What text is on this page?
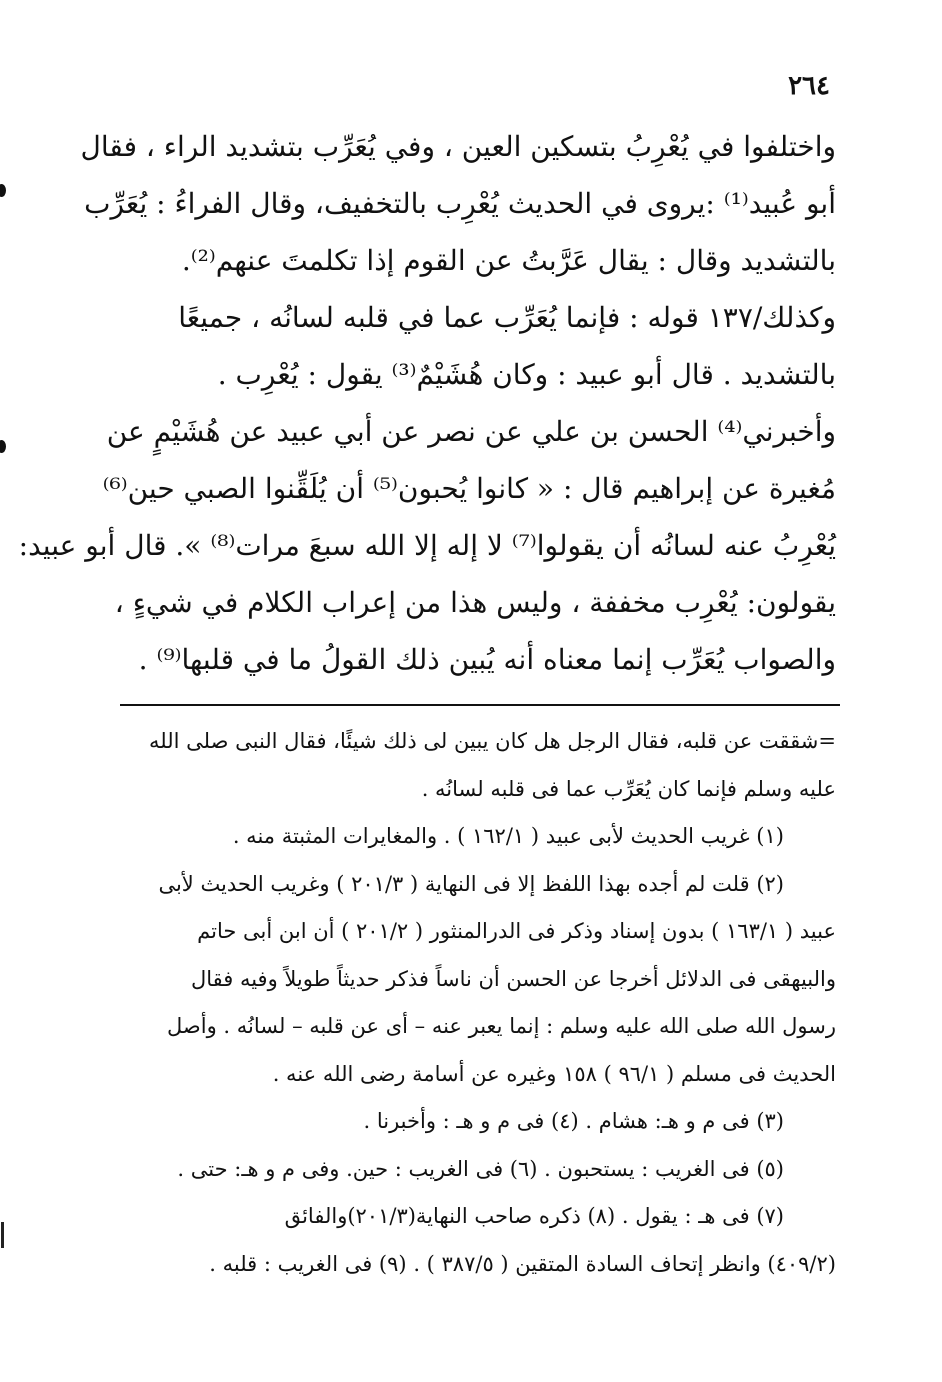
٢٦٤
واختلفوا في يُعْرِبُ بتسكين العين ، وفي يُعَرِّب بتشديد الراء ، فقال
أبو عُبيد⁽¹⁾ :يروى في الحديث يُعْرِب بالتخفيف، وقال الفراءُ : يُعَرِّب
بالتشديد وقال : يقال عَرَّبتُ عن القوم إذا تكلمتَ عنهم⁽²⁾.
وكذلك/١٣٧ قوله : فإنما يُعَرِّب عما في قلبه لسانُه ، جميعًا
بالتشديد . قال أبو عبيد : وكان هُشَيْمٌ⁽³⁾ يقول : يُعْرِب .
وأخبرني⁽⁴⁾ الحسن بن علي عن نصر عن أبي عبيد عن هُشَيْمٍ عن
مُغيرة عن إبراهيم قال : « كانوا يُحبون⁽⁵⁾ أن يُلَقِّنوا الصبي حين⁽⁶⁾
يُعْرِبُ عنه لسانُه أن يقولوا⁽⁷⁾ لا إله إلا الله سبعَ مرات⁽⁸⁾ ». قال أبو عبيد:
يقولون: يُعْرِب مخففة ، وليس هذا من إعراب الكلام في شيءٍ ،
والصواب يُعَرِّب إنما معناه أنه يُبين ذلك القولُ ما في قلبها⁽⁹⁾ .
=شققت عن قلبه، فقال الرجل هل كان يبين لى ذلك شيئًا، فقال النبى صلى الله
عليه وسلم فإنما كان يُعَرِّب عما فى قلبه لسانُه .
(١) غريب الحديث لأبى عبيد ( ١٦٢/١ ) . والمغايرات المثبتة منه .
(٢) قلت لم أجده بهذا اللفظ إلا فى النهاية ( ٢٠١/٣ ) وغريب الحديث لأبى
عبيد ( ١٦٣/١ ) بدون إسناد وذكر فى الدرالمنثور ( ٢٠١/٢ ) أن ابن أبى حاتم
والبيهقى فى الدلائل أخرجا عن الحسن أن ناساً فذكر حديثاً طويلاً وفيه فقال
رسول الله صلى الله عليه وسلم : إنما يعبر عنه – أى عن قلبه – لسانُه . وأصل
الحديث فى مسلم ( ٩٦/١ ) ١٥٨ وغيره عن أسامة رضى الله عنه .
(٣) فى م و هـ: هشام . (٤) فى م و هـ : وأخبرنا .
(٥) فى الغريب : يستحبون . (٦) فى الغريب : حين. وفى م و هـ: حتى .
(٧) فى هـ : يقول . (٨) ذكره صاحب النهاية(٢٠١/٣)والفائق
(٤٠٩/٢) وانظر إتحاف السادة المتقين ( ٣٨٧/٥ ) . (٩) فى الغريب : قلبه .
